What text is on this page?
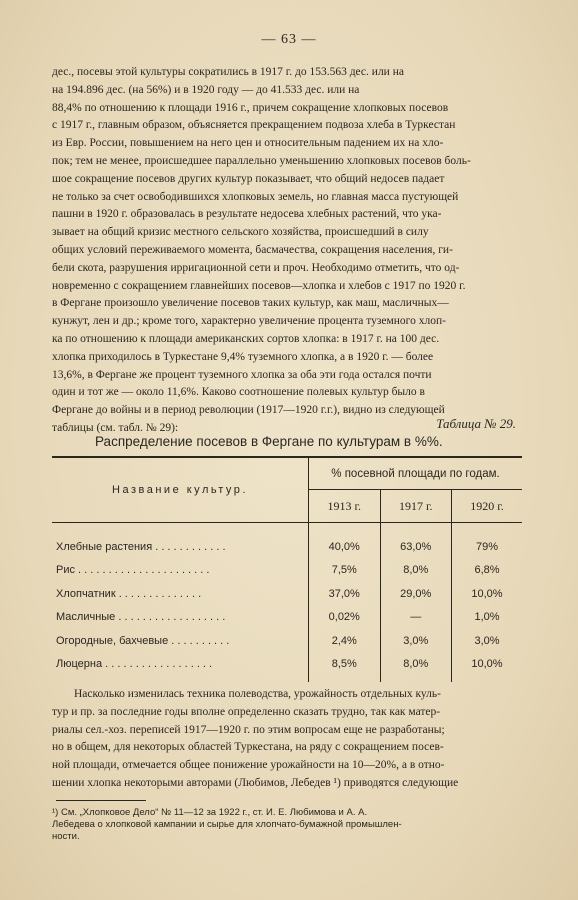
— 63 —
дес., посевы этой культуры сократились в 1917 г. до 153.563 дес. или на
на 194.896 дес. (на 56%) и в 1920 году — до 41.533 дес. или на
88,4% по отношению к площади 1916 г., причем сокращение хлопковых посевов
с 1917 г., главным образом, объясняется прекращением подвоза хлеба в Туркестан
из Евр. России, повышением на него цен и относительным падением их на хло-
пок; тем не менее, происшедшее параллельно уменьшению хлопковых посевов боль-
шое сокращение посевов других культур показывает, что общий недосев падает
не только за счет освободившихся хлопковых земель, но главная масса пустующей
пашни в 1920 г. образовалась в результате недосева хлебных растений, что ука-
зывает на общий кризис местного сельского хозяйства, происшедший в силу
общих условий переживаемого момента, басмачества, сокращения населения, ги-
бели скота, разрушения ирригационной сети и проч. Необходимо отметить, что од-
новременно с сокращением главнейших посевов—хлопка и хлебов с 1917 по 1920 г.
в Фергане произошло увеличение посевов таких культур, как маш, масличных—
кунжут, лен и др.; кроме того, характерно увеличение процента туземного хлоп-
ка по отношению к площади американских сортов хлопка: в 1917 г. на 100 дес.
хлопка приходилось в Туркестане 9,4% туземного хлопка, а в 1920 г. — более
13,6%, в Фергане же процент туземного хлопка за оба эти года остался почти
один и тот же — около 11,6%. Каково соотношение полевых культур было в
Фергане до войны и в период революции (1917—1920 г.г.), видно из следующей
таблицы (см. табл. № 29):	Таблица № 29.
Распределение посевов в Фергане по культурам в %%.
Название культур.	% посевной площади по годам.		
	1913 г.	1917 г.	1920 г.

Хлебные растения . . . . . . . . . . . .	40,0%	63,0%	79%
Рис . . . . . . . . . . . . . . . . . . . . . .	7,5%	8,0%	6,8%
Хлопчатник . . . . . . . . . . . . . .	37,0%	29,0%	10,0%
Масличные . . . . . . . . . . . . . . . . . .	0,02%	—	1,0%
Огородные, бахчевые . . . . . . . . . .	2,4%	3,0%	3,0%
Люцерна . . . . . . . . . . . . . . . . . .	8,5%	8,0%	10,0%

Насколько изменилась техника полеводства, урожайность отдельных куль-
тур и пр. за последние годы вполне определенно сказать трудно, так как матер-
риалы сел.-хоз. переписей 1917—1920 г. по этим вопросам еще не разработаны;
но в общем, для некоторых областей Туркестана, на ряду с сокращением посев-
ной площади, отмечается общее понижение урожайности на 10—20%, а в отно-
шении хлопка некоторыми авторами (Любимов, Лебедев ¹) приводятся следующие
¹) См. „Хлопковое Дело“ № 11—12 за 1922 г., ст. И. Е. Любимова и А. А.
Лебедева о хлопковой кампании и сырье для хлопчато-бумажной промышлен-
ности.
